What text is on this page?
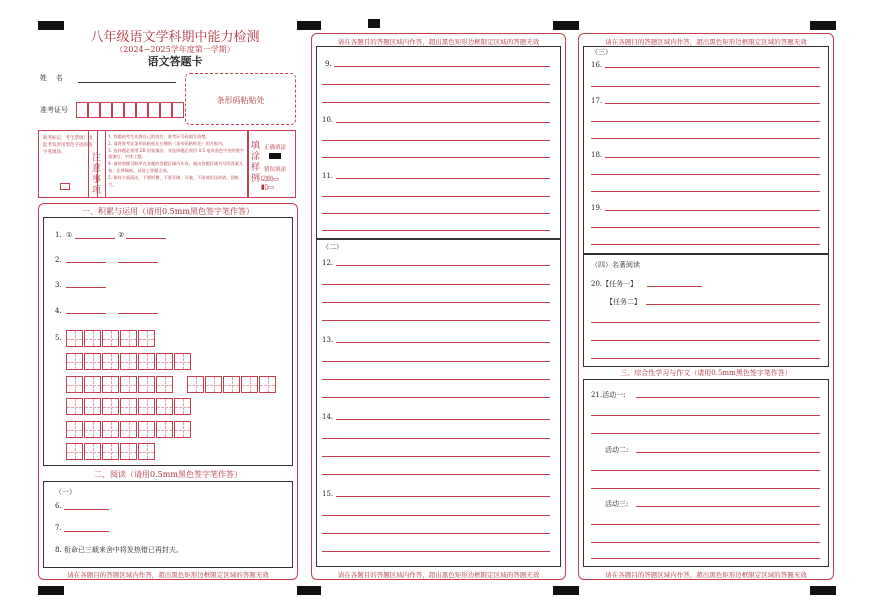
八年级语文学科期中能力检测
（2024−2025学年度第一学期）
语文答题卡
姓    名
准考证号
条形码粘贴处
缺考标记，考生禁填！由监考负责用黑色字迹的签字笔填涂。
注意事项
1. 答题前考生先将自己的姓名、准考证号码填写清楚。
2. 请将准考证条形码粘贴在右侧的（条形码粘贴处）的方框内。
3. 选择题必须用 2B 铅笔填涂，非选择题必须用 0.5 毫米黑色字迹的签字笔填写，字体工整。
4. 请按照题号顺序在各题的答题区域内作答，超出答题区域书写的答案无效；在草稿纸、试卷上答题无效。
5. 保持卡面清洁，不要折叠、不要弄破、弄皱，不准使用涂改液、刮纸刀。
填涂样例
正确填涂
错误填涂
☑☒▭
▮▯▭
一、积累与运用（请用0.5mm黑色签字笔作答）
1. ①	②
2.
3.
4.
5.
二、阅读（请用0.5mm黑色签字笔作答）
（一）
6.
7.
8. 衔命已三载来舍中将发热错已再封夫。
请在各题目的答题区域内作答，超出黑色矩形边框限定区域的答题无效
请在各题目的答题区域内作答，超出黑色矩形边框限定区域的答题无效
9.
10.
11.
（二）
12.
13.
14.
15.
请在各题目的答题区域内作答，超出黑色矩形边框限定区域的答题无效
请在各题目的答题区域内作答，超出黑色矩形边框限定区域的答题无效
（三）
16.
17.
18.
19.
（四）名著阅读
20.【任务一】
【任务二】
三、综合性学习与作文（请用0.5mm黑色签字笔作答）
21.活动一:
活动二:
活动三:
请在各题目的答题区域内作答，超出黑色矩形边框限定区域的答题无效
